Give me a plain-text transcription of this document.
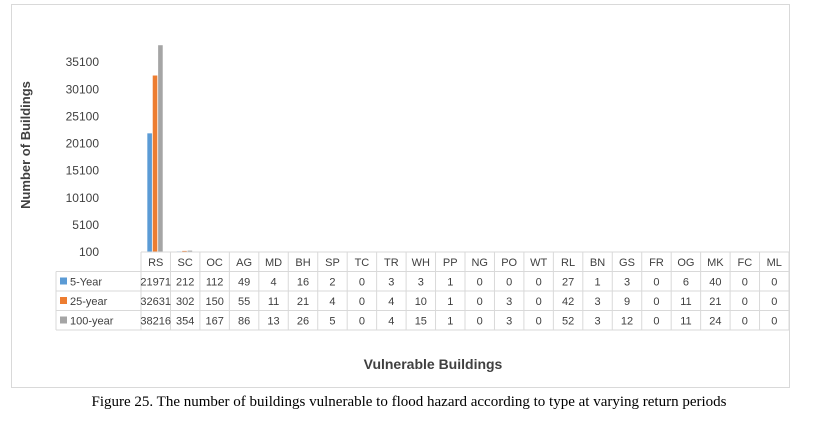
Number of Buildings
35100
30100
25100
20100
15100
10100
5100
100
RS SC OC AG MD BH SP TC TR WH PP NG PO WT RL BN GS FR OG MK FC ML
5-Year	21971 212 112 49 4 16 2 0 3 3 1 0 0 0 27 1 3 0 6 40 0 0
25-year	32631 302 150 55 11 21 4 0 4 10 1 0 3 0 42 3 9 0 11 21 0 0
100-year 38216 354 167 86 13 26 5 0 4 15 1 0 3 0 52 3 12 0 11 24 0 0
Vulnerable Buildings
Figure 25. The number of buildings vulnerable to flood hazard according to type at varying return periods
